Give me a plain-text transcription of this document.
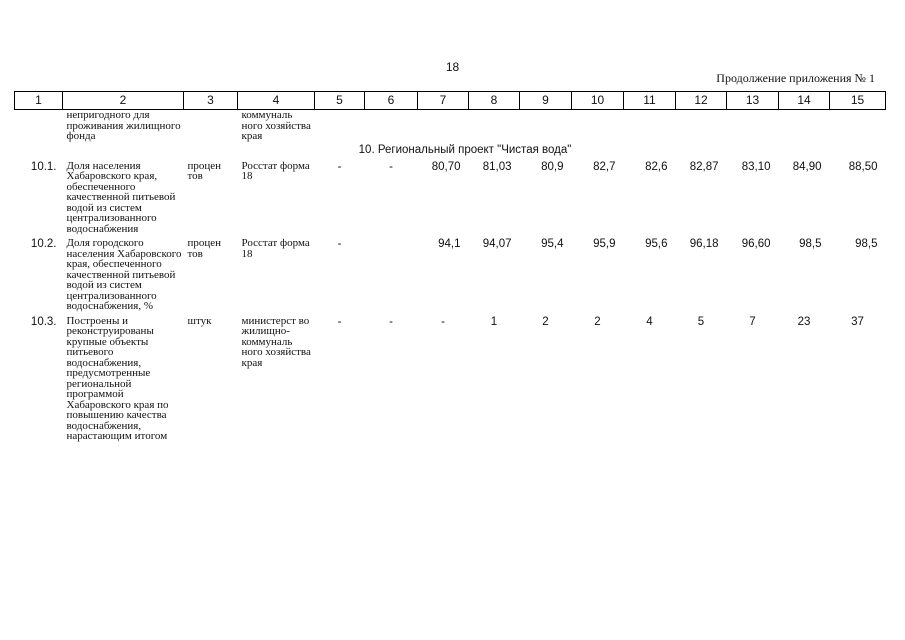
18
Продолжение приложения № 1
1	2	3	4	5	6	7	8	9	10	11	12	13	14	15
	непригодного для проживания жилищного фонда		коммуналь ного хозяйства края											
10. Региональный проект "Чистая вода"														
10.1.	Доля населения Хабаровского края, обеспеченного качественной питьевой водой из систем централизованного водоснабжения	процен тов	Росстат форма 18	-	-	80,70	81,03	80,9	82,7	82,6	82,87	83,10	84,90	88,50

10.2.	Доля городского населения Хабаровского края, обеспеченного качественной питьевой водой из систем централизованного водоснабжения, %	процен тов	Росстат форма 18	-		94,1	94,07	95,4	95,9	95,6	96,18	96,60	98,5	98,5

10.3.	Построены и реконструированы крупные объекты питьевого водоснабжения, предусмотренные региональной программой Хабаровского края по повышению качества водоснабжения, нарастающим итогом	штук	министерст во жилищно- коммуналь ного хозяйства края	-	-	-	1	2	2	4	5	7	23	37
